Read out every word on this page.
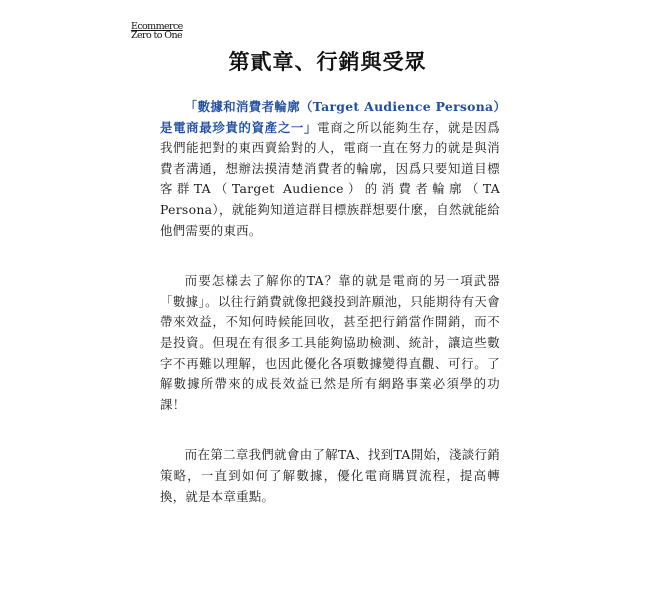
Ecommerce
Zero to One
第貳章、行銷與受眾

「數據和消費者輪廓（Target Audience Persona）是電商最珍貴的資產之一」電商之所以能夠生存，就是因爲我們能把對的東西賣給對的人，電商一直在努力的就是與消費者溝通，想辦法摸清楚消費者的輪廓，因爲只要知道目標客群TA（Target Audience）的消費者輪廓（TA Persona），就能夠知道這群目標族群想要什麼，自然就能給他們需要的東西。

而要怎樣去了解你的TA？靠的就是電商的另一項武器「數據」。以往行銷費就像把錢投到許願池，只能期待有天會帶來效益，不知何時候能回收，甚至把行銷當作開銷，而不是投資。但現在有很多工具能夠協助檢測、統計，讓這些數字不再難以理解，也因此優化各項數據變得直觀、可行。了解數據所帶來的成長效益已然是所有網路事業必須學的功課！

而在第二章我們就會由了解TA、找到TA開始，淺談行銷策略，一直到如何了解數據，優化電商購買流程，提高轉換，就是本章重點。
